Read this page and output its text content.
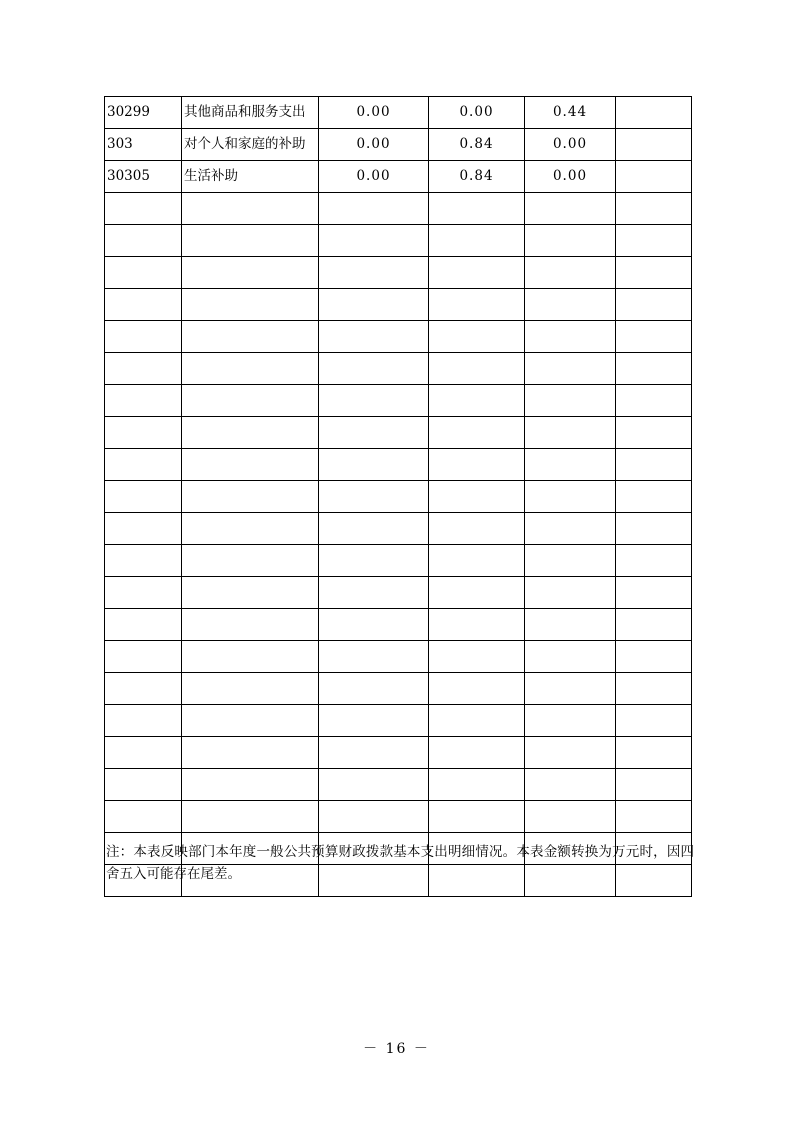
30299	其他商品和服务支出	0.00	0.00	0.44	
303	对个人和家庭的补助	0.00	0.84	0.00	
30305	生活补助	0.00	0.84	0.00	

注：本表反映部门本年度一般公共预算财政拨款基本支出明细情况。本表金额转换为万元时，因四舍五入可能存在尾差。
－ 16 －
